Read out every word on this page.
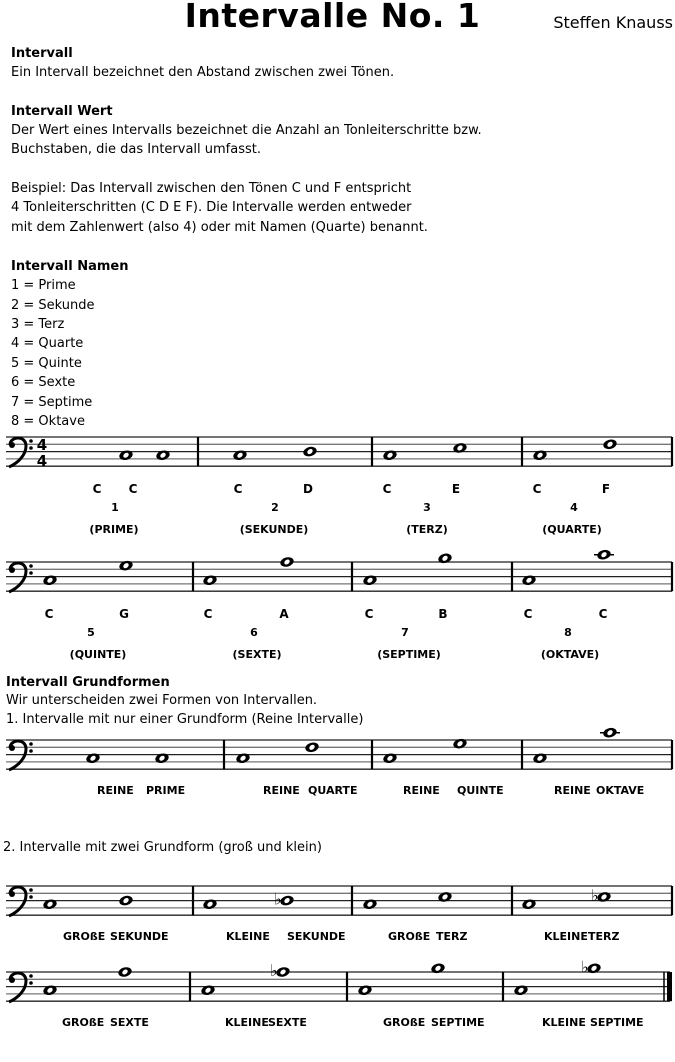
Intervalle No. 1	Steffen Knauss
Intervall
Ein Intervall bezeichnet den Abstand zwischen zwei Tönen.
Intervall Wert
Der Wert eines Intervalls bezeichnet die Anzahl an Tonleiterschritte bzw.
Buchstaben, die das Intervall umfasst.
Beispiel: Das Intervall zwischen den Tönen C und F entspricht
4 Tonleiterschritten (C D E F). Die Intervalle werden entweder
mit dem Zahlenwert (also 4) oder mit Namen (Quarte) benannt.
Intervall Namen
1 = Prime
2 = Sekunde
3 = Terz
4 = Quarte
5 = Quinte
6 = Sexte
7 = Septime
8 = Oktave
Intervall Grundformen
Wir unterscheiden zwei Formen von Intervallen.
1. Intervalle mit nur einer Grundform (Reine Intervalle)
2. Intervalle mit zwei Grundform (groß und klein)
4
4
C C
1
(PRIME)
C	D
2
(SEKUNDE)
C	E
3
(TERZ)
C	F
4
(QUARTE)
C	G
5
(QUINTE)
C	A
6
(SEXTE)
C	B
7
(SEPTIME)
C	C
8
(OKTAVE)
REINE PRIME	REINE QUARTE	REINE QUINTE	REINE OKTAVE
GROßE SEKUNDE
♭
KLEINE SEKUNDE	GROßE TERZ
♭
KLEINE TERZ
GROßE SEXTE
♭
KLEINE SEXTE	GROßE SEPTIME
♭
KLEINE SEPTIME
